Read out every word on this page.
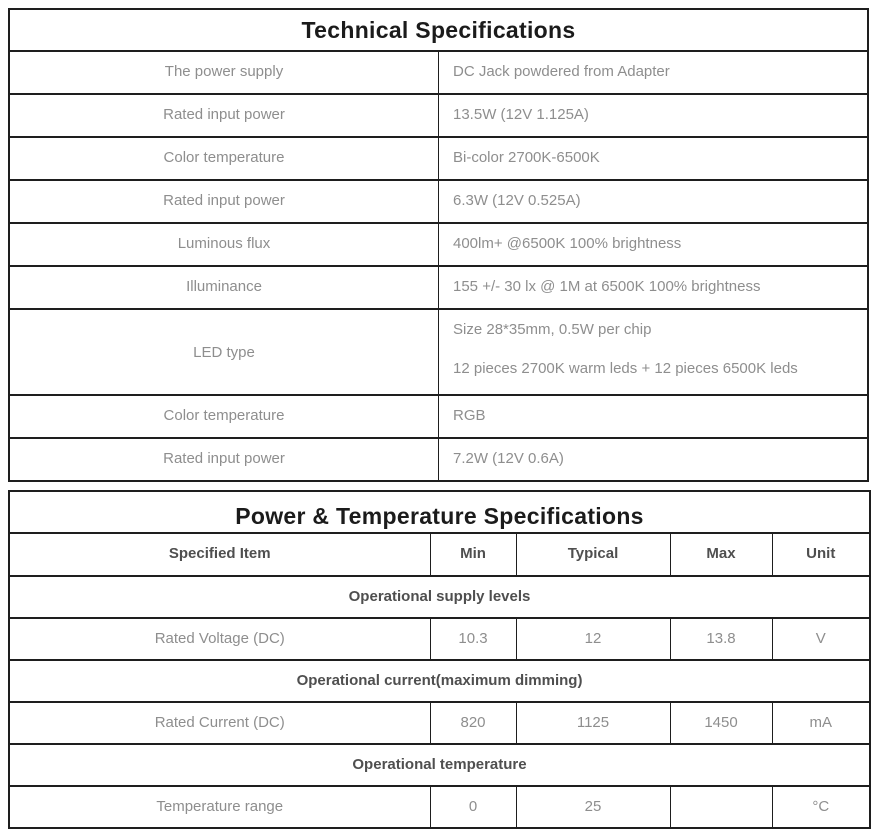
Technical Specifications	
The power supply	DC Jack powdered from Adapter
Rated input power	13.5W (12V 1.125A)
Color temperature	Bi-color 2700K-6500K
Rated input power	6.3W (12V 0.525A)
Luminous flux	400lm+ @6500K 100% brightness
Illuminance	155 +/- 30 lx @ 1M at 6500K 100% brightness
LED type	Size 28*35mm, 0.5W per chip
12 pieces 2700K warm leds + 12 pieces 6500K leds

Color temperature	RGB
Rated input power	7.2W (12V 0.6A)
Power & Temperature Specifications				
Specified Item	Min	Typical	Max	Unit
Operational supply levels				
Rated Voltage (DC)	10.3	12	13.8	V
Operational current(maximum dimming)				
Rated Current (DC)	820	1125	1450	mA
Operational temperature				
Temperature range	0	25		°C
